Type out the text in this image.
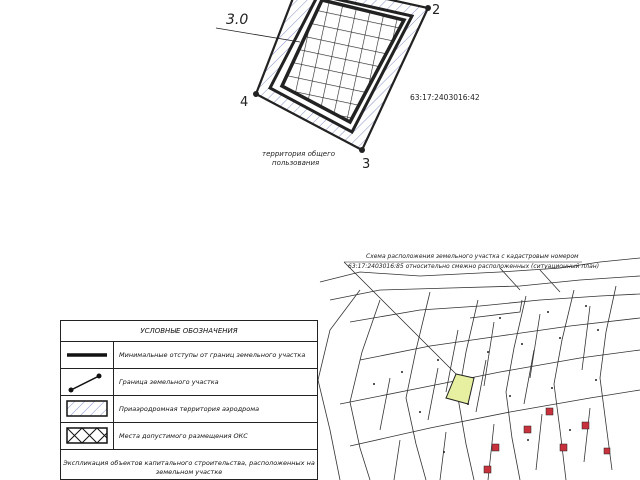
3.0
2
3
4	63:17:2403016:42
территория общего
пользования
Схема расположения земельного участка с кадастровым номером
63:17:2403016:85 относительно смежно расположенных (ситуационный план)
УСЛОВНЫЕ ОБОЗНАЧЕНИЯ
Минимальные отступы от границ земельного участка
Граница земельного участка
Приаэродромная территория аэродрома
Места допустимого размещения ОКС
Экспликация объектов капитального строительства, расположенных на земельном участке
